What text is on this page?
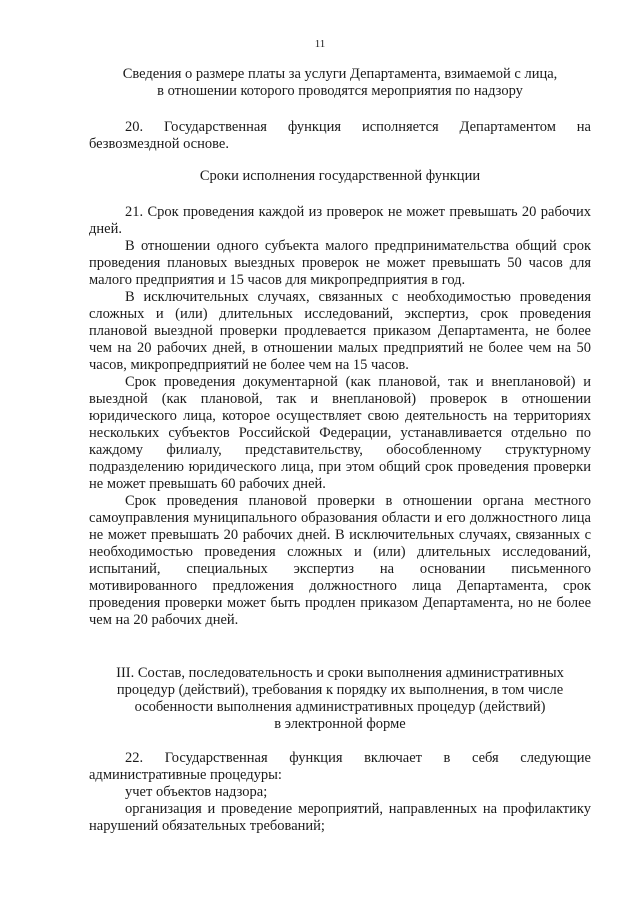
11
Сведения о размере платы за услуги Департамента, взимаемой с лица,
в отношении которого проводятся мероприятия по надзору

20. Государственная функция исполняется Департаментом на безвозмездной основе.

Сроки исполнения государственной функции

21. Срок проведения каждой из проверок не может превышать 20 рабочих дней.

В отношении одного субъекта малого предпринимательства общий срок проведения плановых выездных проверок не может превышать 50 часов для малого предприятия и 15 часов для микропредприятия в год.

В исключительных случаях, связанных с необходимостью проведения сложных и (или) длительных исследований, экспертиз, срок проведения плановой выездной проверки продлевается приказом Департамента, не более чем на 20 рабочих дней, в отношении малых предприятий не более чем на 50 часов, микропредприятий не более чем на 15 часов.

Срок проведения документарной (как плановой, так и внеплановой) и выездной (как плановой, так и внеплановой) проверок в отношении юридического лица, которое осуществляет свою деятельность на территориях нескольких субъектов Российской Федерации, устанавливается отдельно по каждому филиалу, представительству, обособленному структурному подразделению юридического лица, при этом общий срок проведения проверки не может превышать 60 рабочих дней.

Срок проведения плановой проверки в отношении органа местного самоуправления муниципального образования области и его должностного лица не может превышать 20 рабочих дней. В исключительных случаях, связанных с необходимостью проведения сложных и (или) длительных исследований, испытаний, специальных экспертиз на основании письменного мотивированного предложения должностного лица Департамента, срок проведения проверки может быть продлен приказом Департамента, но не более чем на 20 рабочих дней.

III. Состав, последовательность и сроки выполнения административных
процедур (действий), требования к порядку их выполнения, в том числе
особенности выполнения административных процедур (действий)
в электронной форме

22. Государственная функция включает в себя следующие административные процедуры:

учет объектов надзора;

организация и проведение мероприятий, направленных на профилактику нарушений обязательных требований;
